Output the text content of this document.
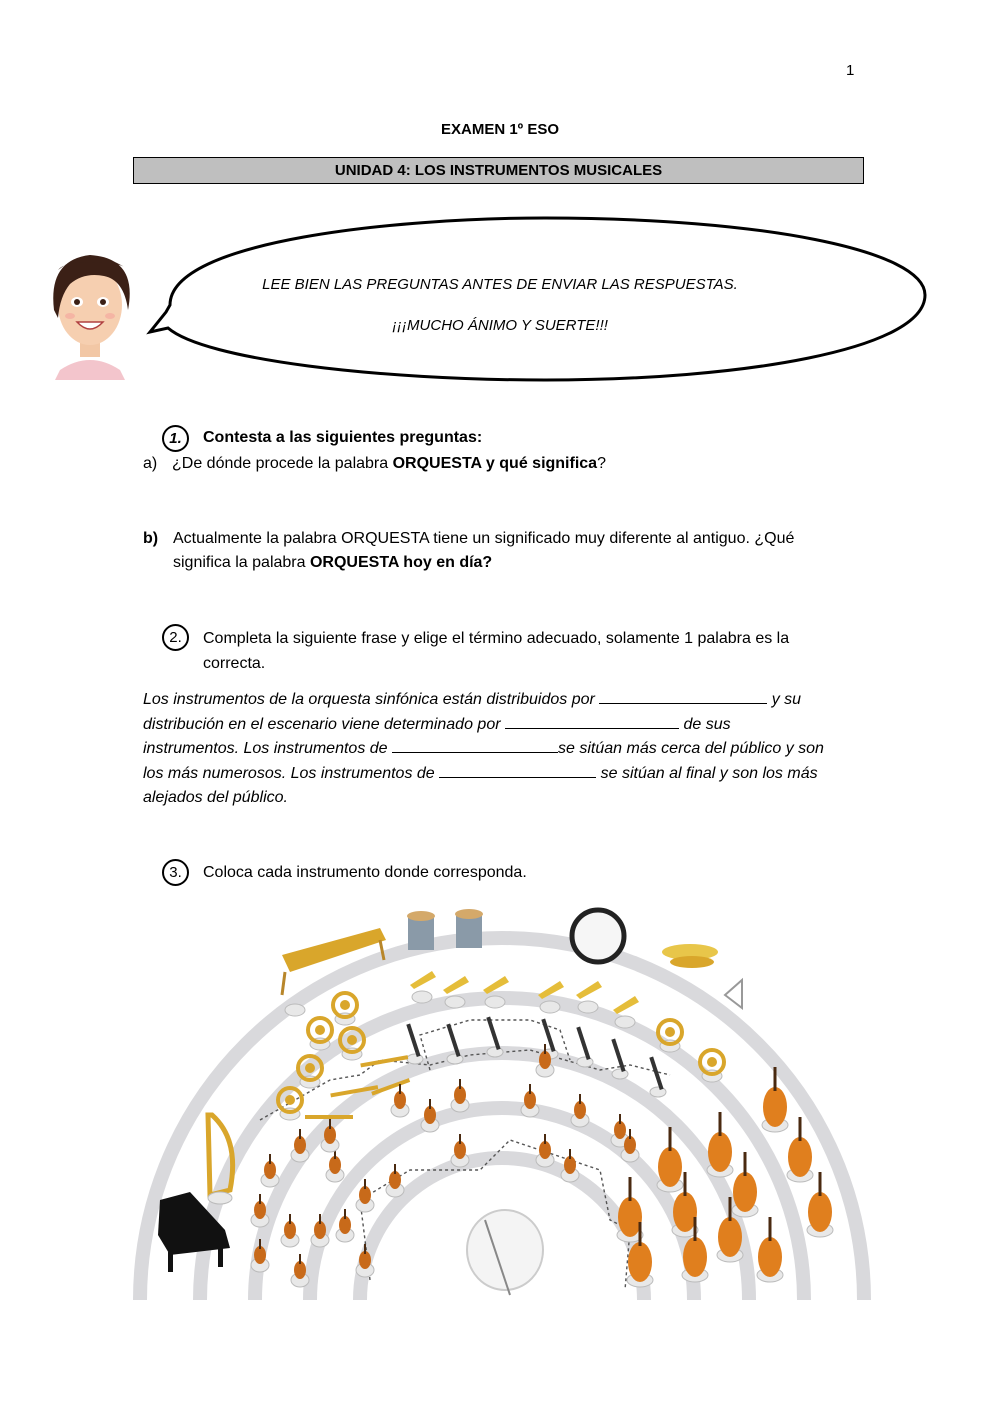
1
EXAMEN 1º ESO
UNIDAD 4: LOS INSTRUMENTOS MUSICALES
LEE BIEN LAS PREGUNTAS ANTES DE ENVIAR LAS RESPUESTAS.
¡¡¡MUCHO ÁNIMO Y SUERTE!!!
1.	Contesta a las siguientes preguntas:
a) ¿De dónde procede la palabra ORQUESTA y qué significa?
b) Actualmente la palabra ORQUESTA tiene un significado muy diferente al antiguo. ¿Qué
significa la palabra ORQUESTA hoy en día?
2.	Completa la siguiente frase y elige el término adecuado, solamente 1 palabra es la
correcta.
Los instrumentos de la orquesta sinfónica están distribuidos por	y su
distribución en el escenario viene determinado por	de sus
instrumentos. Los instrumentos de	se sitúan más cerca del público y son
los más numerosos. Los instrumentos de	se sitúan al final y son los más
alejados del público.
3.	Coloca cada instrumento donde corresponda.
